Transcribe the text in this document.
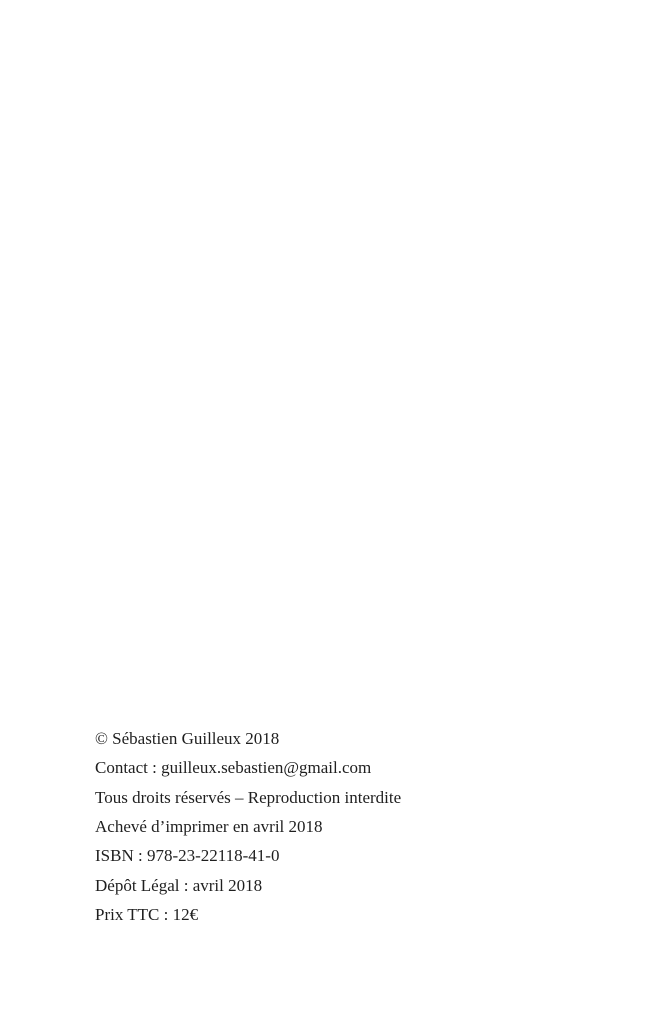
© Sébastien Guilleux 2018

Contact : guilleux.sebastien@gmail.com

Tous droits réservés – Reproduction interdite

Achevé d’imprimer en avril 2018

ISBN : 978-23-22118-41-0

Dépôt Légal : avril 2018

Prix TTC : 12€
